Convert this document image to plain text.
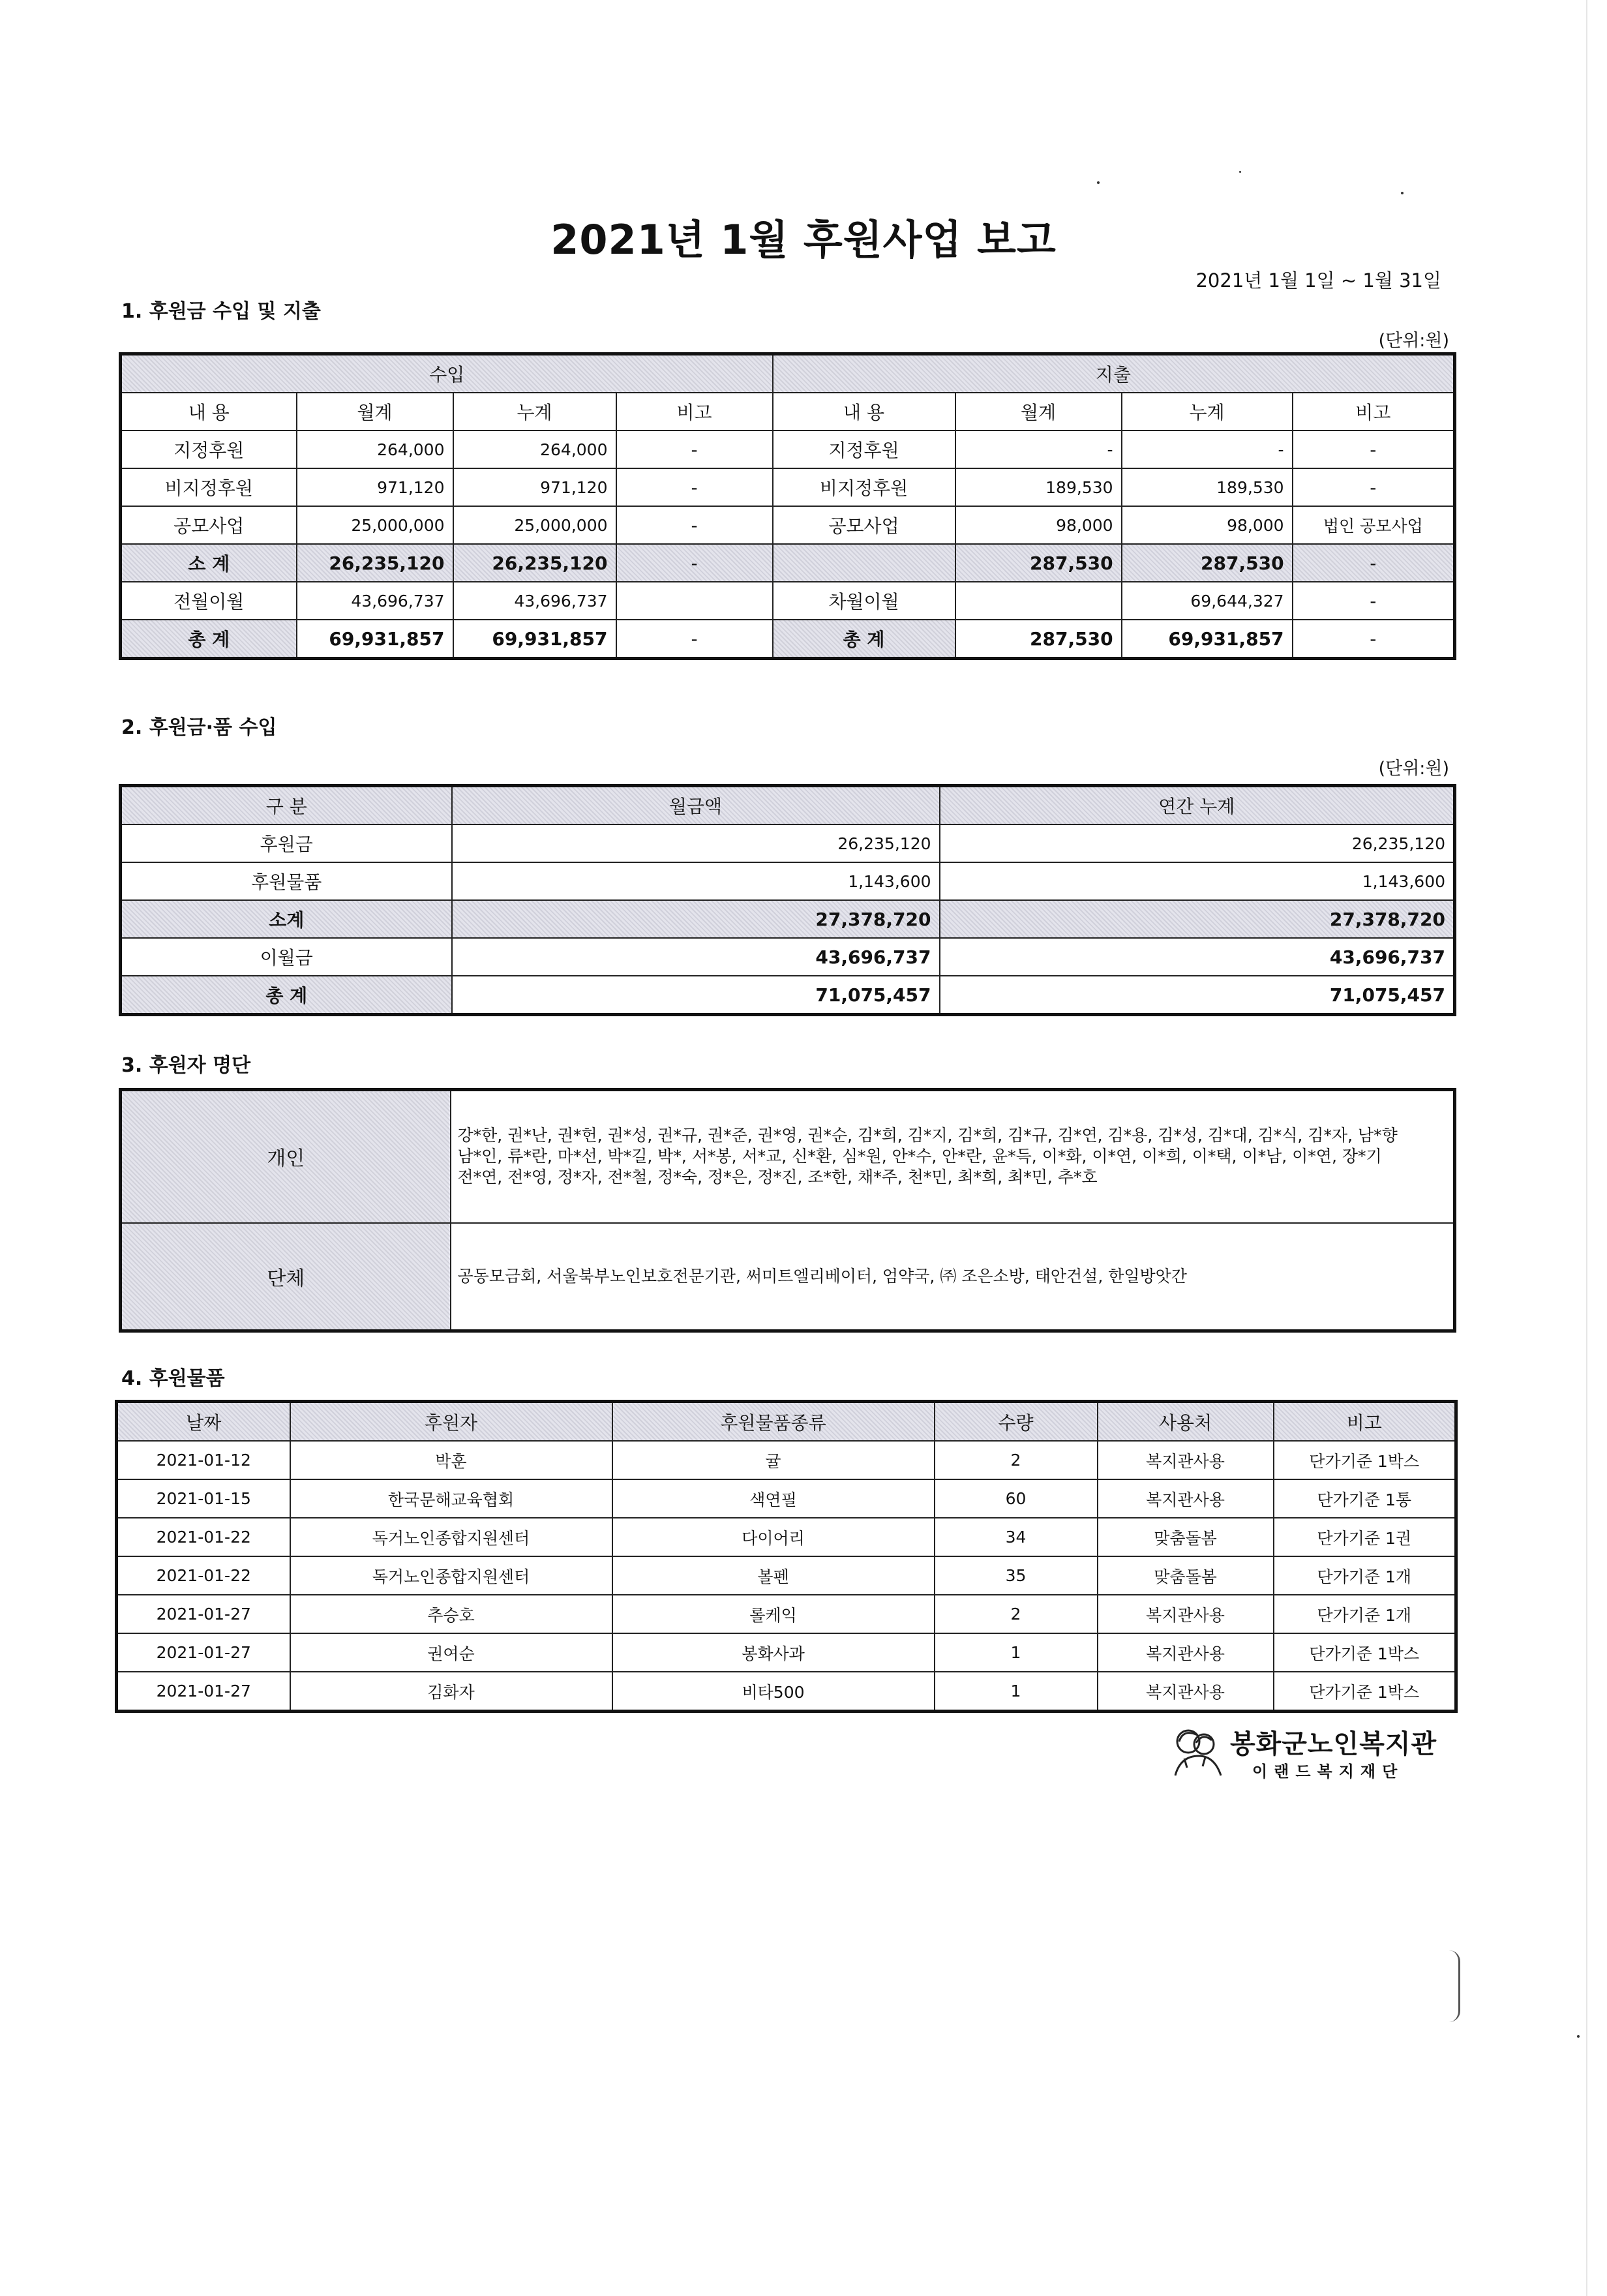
2021년 1월 후원사업 보고
2021년 1월 1일 ~ 1월 31일
1. 후원금 수입 및 지출
(단위:원)
수입				지출			
내 용	월계	누계	비고	내 용	월계	누계	비고
지정후원	264,000	264,000	-	지정후원	-	-	-
비지정후원	971,120	971,120	-	비지정후원	189,530	189,530	-
공모사업	25,000,000	25,000,000	-	공모사업	98,000	98,000	법인 공모사업
소 계	26,235,120	26,235,120	-		287,530	287,530	-
전월이월	43,696,737	43,696,737		차월이월		69,644,327	-
총 계	69,931,857	69,931,857	-	총 계	287,530	69,931,857	-
2. 후원금·품 수입
(단위:원)
구 분	월금액	연간 누계
후원금	26,235,120	26,235,120
후원물품	1,143,600	1,143,600
소계	27,378,720	27,378,720
이월금	43,696,737	43,696,737
총 계	71,075,457	71,075,457
3. 후원자 명단
개인	강*한, 권*난, 권*헌, 권*성, 권*규, 권*준, 권*영, 권*순, 김*희, 김*지, 김*희, 김*규, 김*연, 김*용, 김*성, 김*대, 김*식, 김*자, 남*향
남*인, 류*란, 마*선, 박*길, 박*, 서*봉, 서*교, 신*환, 심*원, 안*수, 안*란, 윤*득, 이*화, 이*연, 이*희, 이*택, 이*남, 이*연, 장*기
전*연, 전*영, 정*자, 전*철, 정*숙, 정*은, 정*진, 조*한, 채*주, 천*민, 최*희, 최*민, 추*호

단체	공동모금회, 서울북부노인보호전문기관, 써미트엘리베이터, 엄약국, ㈜ 조은소방, 태안건설, 한일방앗간
4. 후원물품
날짜	후원자	후원물품종류	수량	사용처	비고
2021-01-12	박훈	귤	2	복지관사용	단가기준 1박스
2021-01-15	한국문해교육협회	색연필	60	복지관사용	단가기준 1통
2021-01-22	독거노인종합지원센터	다이어리	34	맞춤돌봄	단가기준 1권
2021-01-22	독거노인종합지원센터	볼펜	35	맞춤돌봄	단가기준 1개
2021-01-27	추승호	롤케익	2	복지관사용	단가기준 1개
2021-01-27	권여순	봉화사과	1	복지관사용	단가기준 1박스
2021-01-27	김화자	비타500	1	복지관사용	단가기준 1박스
봉화군노인복지관
이랜드복지재단
